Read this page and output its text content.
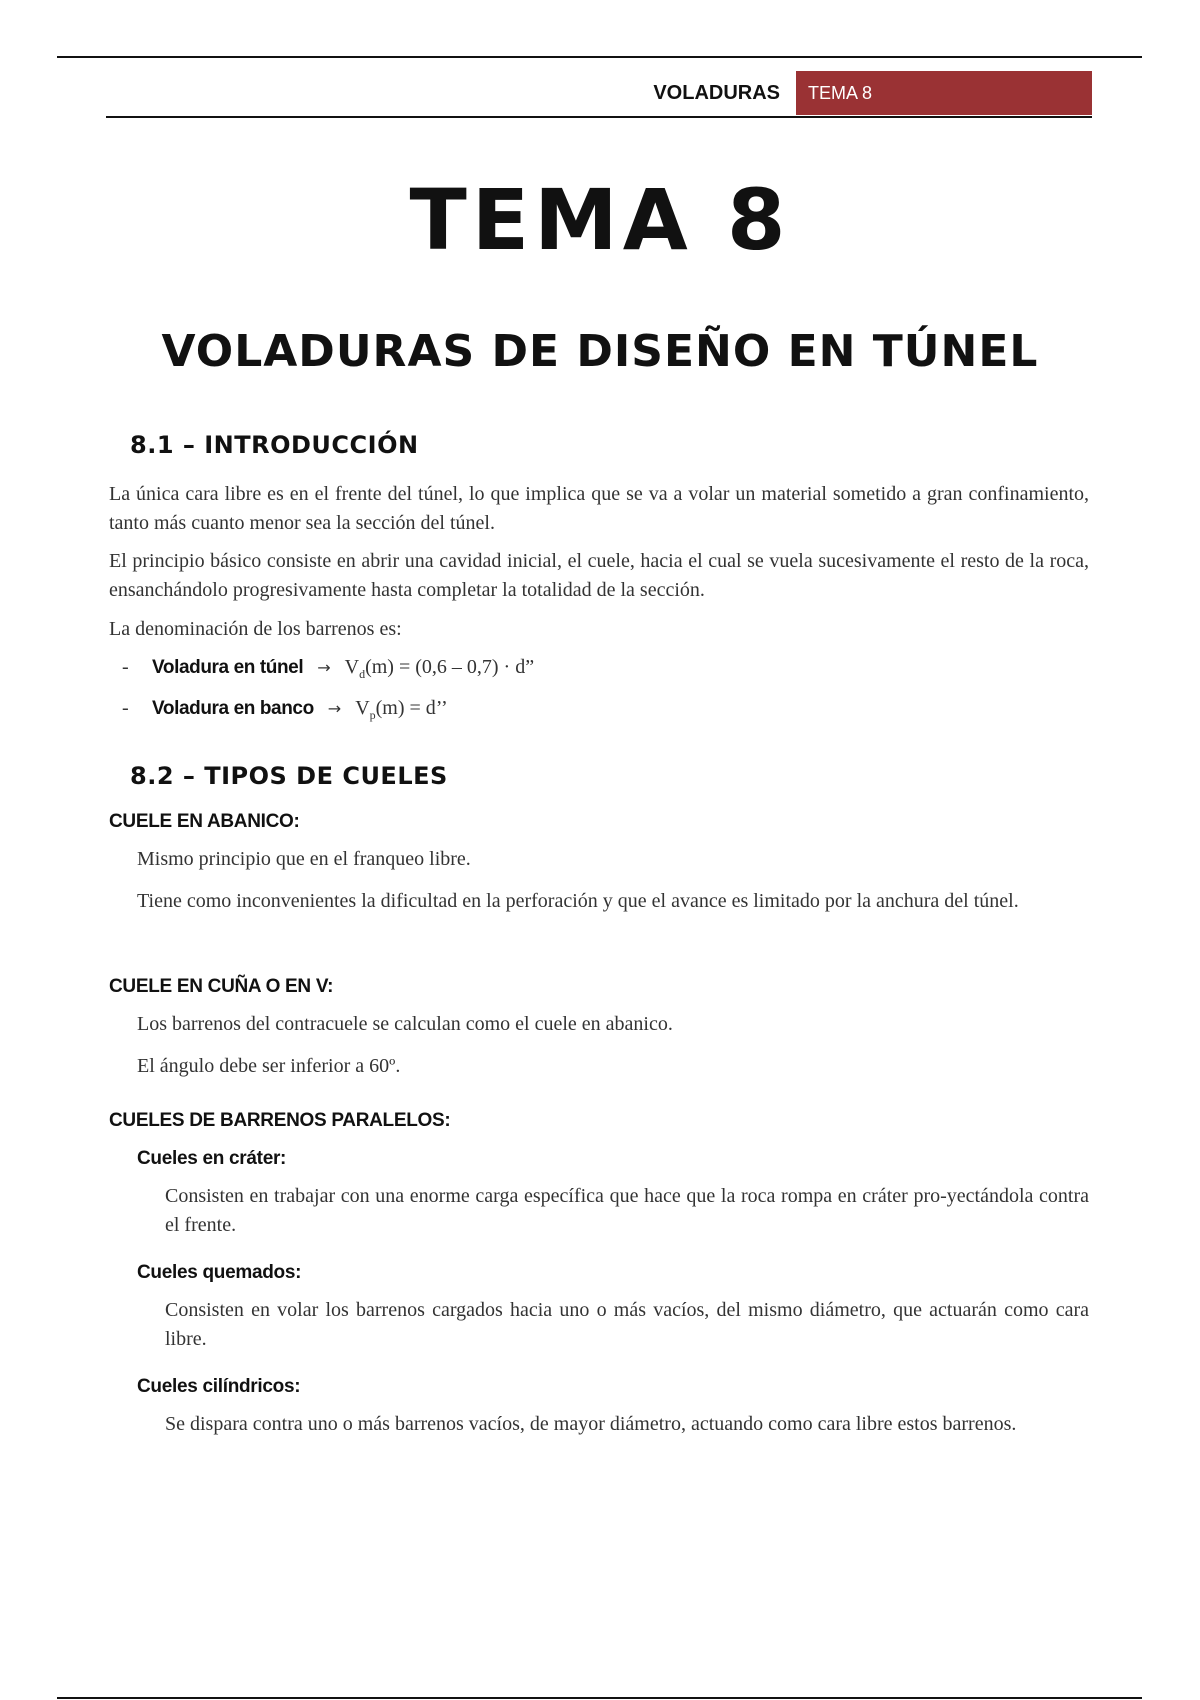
VOLADURAS TEMA 8
TEMA 8
VOLADURAS DE DISEÑO EN TÚNEL
8.1 – INTRODUCCIÓN
La única cara libre es en el frente del túnel, lo que implica que se va a volar un material sometido a gran confinamiento, tanto más cuanto menor sea la sección del túnel.
El principio básico consiste en abrir una cavidad inicial, el cuele, hacia el cual se vuela sucesivamente el resto de la roca, ensanchándolo progresivamente hasta completar la totalidad de la sección.
La denominación de los barrenos es:
-	Voladura en túnel → $V_d(m) = (0,6 - 0,7) \cdot d$”
-	Voladura en banco → $V_p(m) = d$’’
8.2 – TIPOS DE CUELES
CUELE EN ABANICO:
Mismo principio que en el franqueo libre.
Tiene como inconvenientes la dificultad en la perforación y que el avance es limitado por la anchura del túnel.
CUELE EN CUÑA O EN V:
Los barrenos del contracuele se calculan como el cuele en abanico.
El ángulo debe ser inferior a 60º.
CUELES DE BARRENOS PARALELOS:
Cueles en cráter:
Consisten en trabajar con una enorme carga específica que hace que la roca rompa en cráter pro-yectándola contra el frente.
Cueles quemados:
Consisten en volar los barrenos cargados hacia uno o más vacíos, del mismo diámetro, que actuarán como cara libre.
Cueles cilíndricos:
Se dispara contra uno o más barrenos vacíos, de mayor diámetro, actuando como cara libre estos barrenos.
